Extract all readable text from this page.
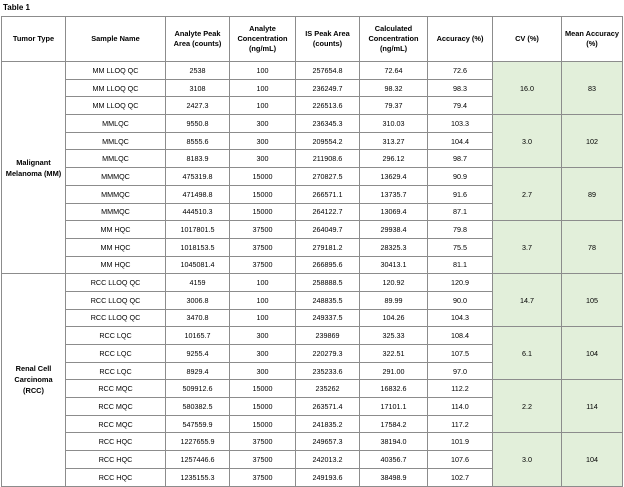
Table 1
Tumor Type	Sample Name	Analyte Peak Area (counts)	Analyte Concentration (ng/mL)	IS Peak Area (counts)	Calculated Concentration (ng/mL)	Accuracy (%)	CV (%)	Mean Accuracy (%)
Malignant Melanoma (MM)	MM LLOQ QC	2538	100	257654.8	72.64	72.6	16.0	83
	MM LLOQ QC	3108	100	236249.7	98.32	98.3		
	MM LLOQ QC	2427.3	100	226513.6	79.37	79.4		
	MMLQC	9550.8	300	236345.3	310.03	103.3	3.0	102
	MMLQC	8555.6	300	209554.2	313.27	104.4		
	MMLQC	8183.9	300	211908.6	296.12	98.7		
	MMMQC	475319.8	15000	270827.5	13629.4	90.9	2.7	89
	MMMQC	471498.8	15000	266571.1	13735.7	91.6		
	MMMQC	444510.3	15000	264122.7	13069.4	87.1		
	MM HQC	1017801.5	37500	264049.7	29938.4	79.8	3.7	78
	MM HQC	1018153.5	37500	279181.2	28325.3	75.5		
	MM HQC	1045081.4	37500	266895.6	30413.1	81.1		
Renal Cell Carcinoma (RCC)	RCC LLOQ QC	4159	100	258888.5	120.92	120.9	14.7	105
	RCC LLOQ QC	3006.8	100	248835.5	89.99	90.0		
	RCC LLOQ QC	3470.8	100	249337.5	104.26	104.3		
	RCC LQC	10165.7	300	239869	325.33	108.4	6.1	104
	RCC LQC	9255.4	300	220279.3	322.51	107.5		
	RCC LQC	8929.4	300	235233.6	291.00	97.0		
	RCC MQC	509912.6	15000	235262	16832.6	112.2	2.2	114
	RCC MQC	580382.5	15000	263571.4	17101.1	114.0		
	RCC MQC	547559.9	15000	241835.2	17584.2	117.2		
	RCC HQC	1227655.9	37500	249657.3	38194.0	101.9	3.0	104
	RCC HQC	1257446.6	37500	242013.2	40356.7	107.6		
	RCC HQC	1235155.3	37500	249193.6	38498.9	102.7		
